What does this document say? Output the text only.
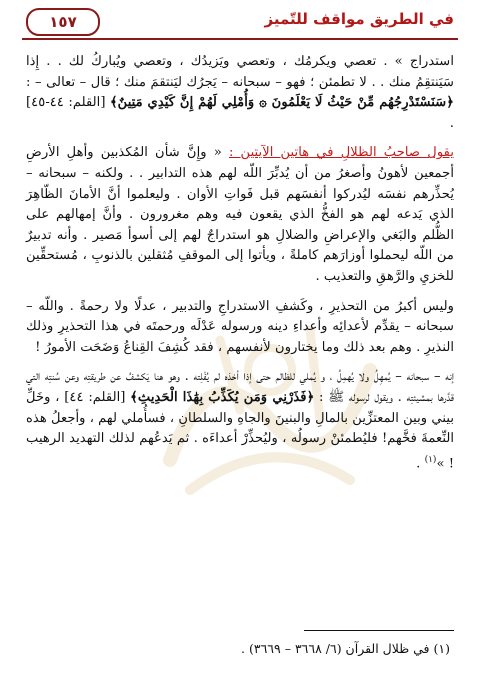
١٥٧	في الطريق مواقف للتّميز

استدراج » . تعصي ويكرمُك ، وتعصي ويَزيدُك ، وتعصي ويُباركُ لك . . إِذا سَيَنتقِمُ منك . . لا تطمئن ؛ فهو – سبحانه – يَجرُك ليَنتقمَ منك ؛ قال – تعالى – : ﴿سَنَسْتَدْرِجُهُم مِّنْ حَيْثُ لَا يَعْلَمُونَ ۞ وَأُمْلِي لَهُمْ إِنَّ كَيْدِي مَتِينٌ﴾ [القلم: ٤٤-٤٥] .

يقول صاحبُ الظلالِ في هاتين الآيتين : « وإِنَّ شأن المُكذبين وأهلِ الأرضِ أجمعين لأهونُ وأصغرُ من أن يُدبِّرَ اللّه لهم هذه التدابير . . ولكنه – سبحانه – يُحذِّرهم نفسَه ليُدركوا أنفسَهم قبل فَواتِ الأوان . وليعلموا أنَّ الأمانَ الظّاهِرَ الذي يَدعه لهم هو الفخُّ الذي يقعون فيه وهم مغرورون . وأنَّ إمهالهم على الظُّلم والبَغي والإعراضِ والضلالِ هو استدراجٌ لهم إلى أسوأ مَصير . وأنه تدبيرٌ من اللّه ليحملوا أوزارَهم كاملةً ، ويأتوا إلى الموقفِ مُثقلين بالذنوبِ ، مُستحقِّين للخزيِ والرَّهقِ والتعذيب .

وليس أكبرُ من التحذيرِ ، وكَشفِ الاستدراجِ والتدبير ، عدلًا ولا رحمةً . واللّه – سبحانه – يقدِّم لأعدائِه وأعداءِ دينه ورسوله عَدْلَه ورحمتَه في هذا التحذيرِ وذلك النذيرِ . وهم بعد ذلك وما يختارون لأنفسهم ، فقد كُشِفَ القِناعُ وَضَحَت الأمورُ !

إنه – سبحانه – يُمهِلُ ولا يُهمِلُ ، و يُملي للظالم حتى إذا أخذه لم يُفْلِته . وهو هنا يَكشفُ عن طريقتِه وعن سُنتِه التي قدَّرها بمشيئتِه . ويقول لرسوله ﷺ : ﴿فَذَرْنِي وَمَن يُكَذِّبُ بِهَٰذَا الْحَدِيثِ﴾ [القلم: ٤٤] ، وخَلِّ بيني وبين المعتزِّين بالمالِ والبنينَ والجاهِ والسلطانِ ، فسأُملي لهم ، وأجعلُ هذه النِّعمةَ فخَّهم! فليُطمئنْ رسولُه ، وليُحذِّرْ أعداءَه . ثم يَدعُهم لذلك التهديد الرهيب ! »$^{(١)}$ .

(١) في ظلال القرآن (٦/ ٣٦٦٨ – ٣٦٦٩) .
